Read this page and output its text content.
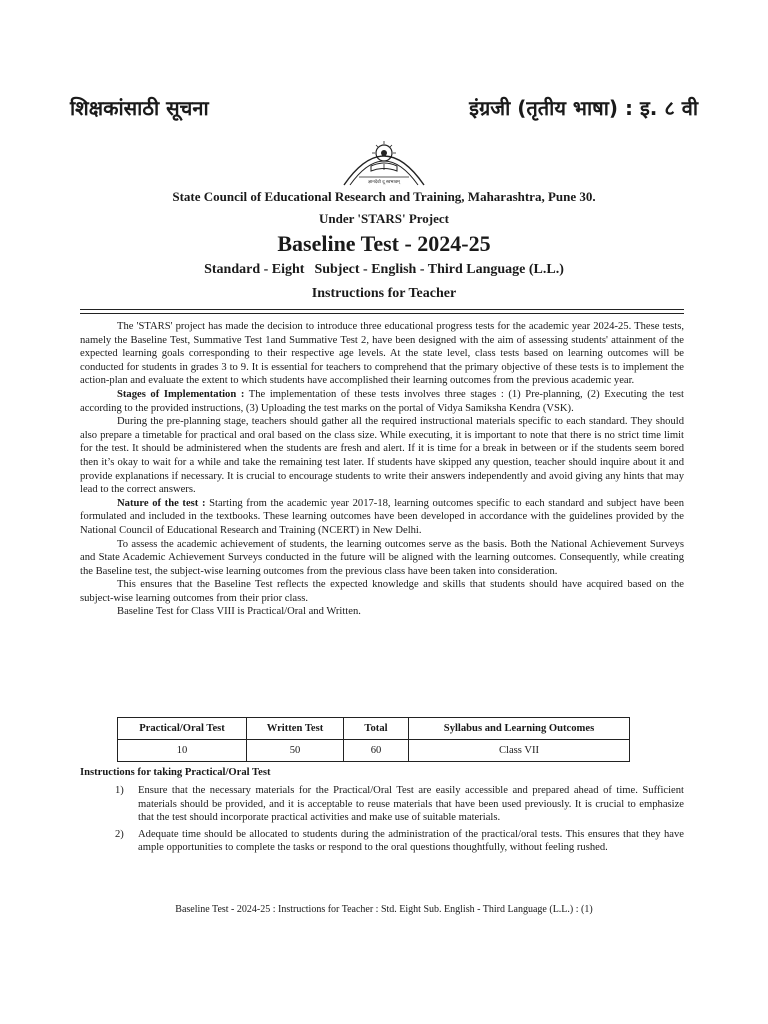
शिक्षकांसाठी सूचना	इंग्रजी (तृतीय भाषा) : इ. ८ वी
ज्ञानदेवो दू स्वभावम्
State Council of Educational Research and Training, Maharashtra, Pune 30.
Under 'STARS' Project
Baseline Test - 2024-25
Standard - Eight Subject - English - Third Language (L.L.)
Instructions for Teacher

The 'STARS' project has made the decision to introduce three educational progress tests for the academic year 2024-25. These tests, namely the Baseline Test, Summative Test 1and Summative Test 2, have been designed with the aim of assessing students' attainment of the expected learning goals corresponding to their respective age levels. At the state level, class tests based on learning outcomes will be conducted for students in grades 3 to 9. It is essential for teachers to comprehend that the primary objective of these tests is to implement the action-plan and evaluate the extent to which students have accomplished their learning outcomes from the previous academic year.

Stages of Implementation : The implementation of these tests involves three stages : (1) Pre-planning, (2) Executing the test according to the provided instructions, (3) Uploading the test marks on the portal of Vidya Samiksha Kendra (VSK).

During the pre-planning stage, teachers should gather all the required instructional materials specific to each standard. They should also prepare a timetable for practical and oral based on the class size. While executing, it is important to note that there is no strict time limit for the test. It should be administered when the students are fresh and alert. If it is time for a break in between or if the students seem bored then it’s okay to wait for a while and take the remaining test later. If students have skipped any question, teacher should inquire about it and provide explanations if necessary. It is crucial to encourage students to write their answers independently and avoid giving any hints that may lead to the correct answers.

Nature of the test : Starting from the academic year 2017-18, learning outcomes specific to each standard and subject have been formulated and included in the textbooks. These learning outcomes have been developed in accordance with the guidelines provided by the National Council of Educational Research and Training (NCERT) in New Delhi.

To assess the academic achievement of students, the learning outcomes serve as the basis. Both the National Achievement Surveys and State Academic Achievement Surveys conducted in the future will be aligned with the learning outcomes. Consequently, while creating the Baseline test, the subject-wise learning outcomes from the previous class have been taken into consideration.

This ensures that the Baseline Test reflects the expected knowledge and skills that students should have acquired based on the subject-wise learning outcomes from their prior class.

Baseline Test for Class VIII is Practical/Oral and Written.

Practical/Oral Test	Written Test	Total	Syllabus and Learning Outcomes
10	50	60	Class VII
Instructions for taking Practical/Oral Test
1) Ensure that the necessary materials for the Practical/Oral Test are easily accessible and prepared ahead of time. Sufficient materials should be provided, and it is acceptable to reuse materials that have been used previously. It is crucial to emphasize that the test should incorporate practical activities and make use of suitable materials.
2) Adequate time should be allocated to students during the administration of the practical/oral tests. This ensures that they have ample opportunities to complete the tasks or respond to the oral questions thoughtfully, without feeling rushed.
Baseline Test - 2024-25 : Instructions for Teacher : Std. Eight Sub. English - Third Language (L.L.) : (1)
